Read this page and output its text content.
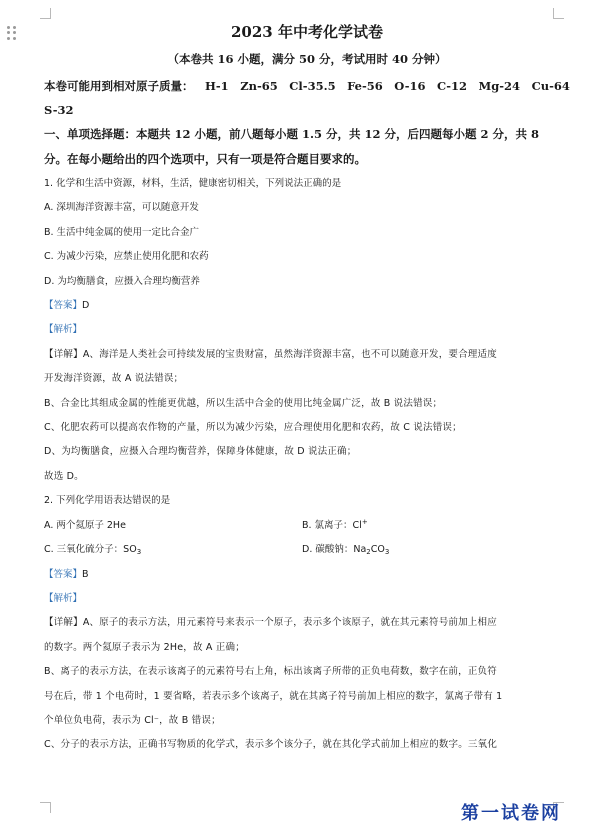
2023 年中考化学试卷

（本卷共 16 小题，满分 50 分，考试用时 40 分钟）

本卷可能用到相对原子质量： H-1 Zn-65 Cl-35.5 Fe-56 O-16 C-12 Mg-24 Cu-64

S-32

一、单项选择题：本题共 12 小题，前八题每小题 1.5 分，共 12 分，后四题每小题 2 分，共 8

分。在每小题给出的四个选项中，只有一项是符合题目要求的。

1. 化学和生活中资源，材料，生活，健康密切相关，下列说法正确的是

A. 深圳海洋资源丰富，可以随意开发

B. 生活中纯金属的使用一定比合金广

C. 为减少污染，应禁止使用化肥和农药

D. 为均衡膳食，应摄入合理均衡营养

【答案】D

【解析】

【详解】A、海洋是人类社会可持续发展的宝贵财富，虽然海洋资源丰富，也不可以随意开发，要合理适度

开发海洋资源，故 A 说法错误；

B、合金比其组成金属的性能更优越，所以生活中合金的使用比纯金属广泛，故 B 说法错误；

C、化肥农药可以提高农作物的产量，所以为减少污染，应合理使用化肥和农药，故 C 说法错误；

D、为均衡膳食，应摄入合理均衡营养，保障身体健康，故 D 说法正确；

故选 D。

2. 下列化学用语表达错误的是

A. 两个氦原子 2He	B. 氯离子：Cl+
C. 三氧化硫分子：$SO_3$	D. 碳酸钠：$Na_2CO_3$

【答案】B

【解析】

【详解】A、原子的表示方法，用元素符号来表示一个原子，表示多个该原子，就在其元素符号前加上相应

的数字。两个氦原子表示为 2He，故 A 正确；

B、离子的表示方法，在表示该离子的元素符号右上角，标出该离子所带的正负电荷数，数字在前，正负符

号在后，带 1 个电荷时，1 要省略，若表示多个该离子，就在其离子符号前加上相应的数字，氯离子带有 1

个单位负电荷，表示为 Cl⁻，故 B 错误；

C、分子的表示方法，正确书写物质的化学式，表示多个该分子，就在其化学式前加上相应的数字。三氧化

第一试卷网
